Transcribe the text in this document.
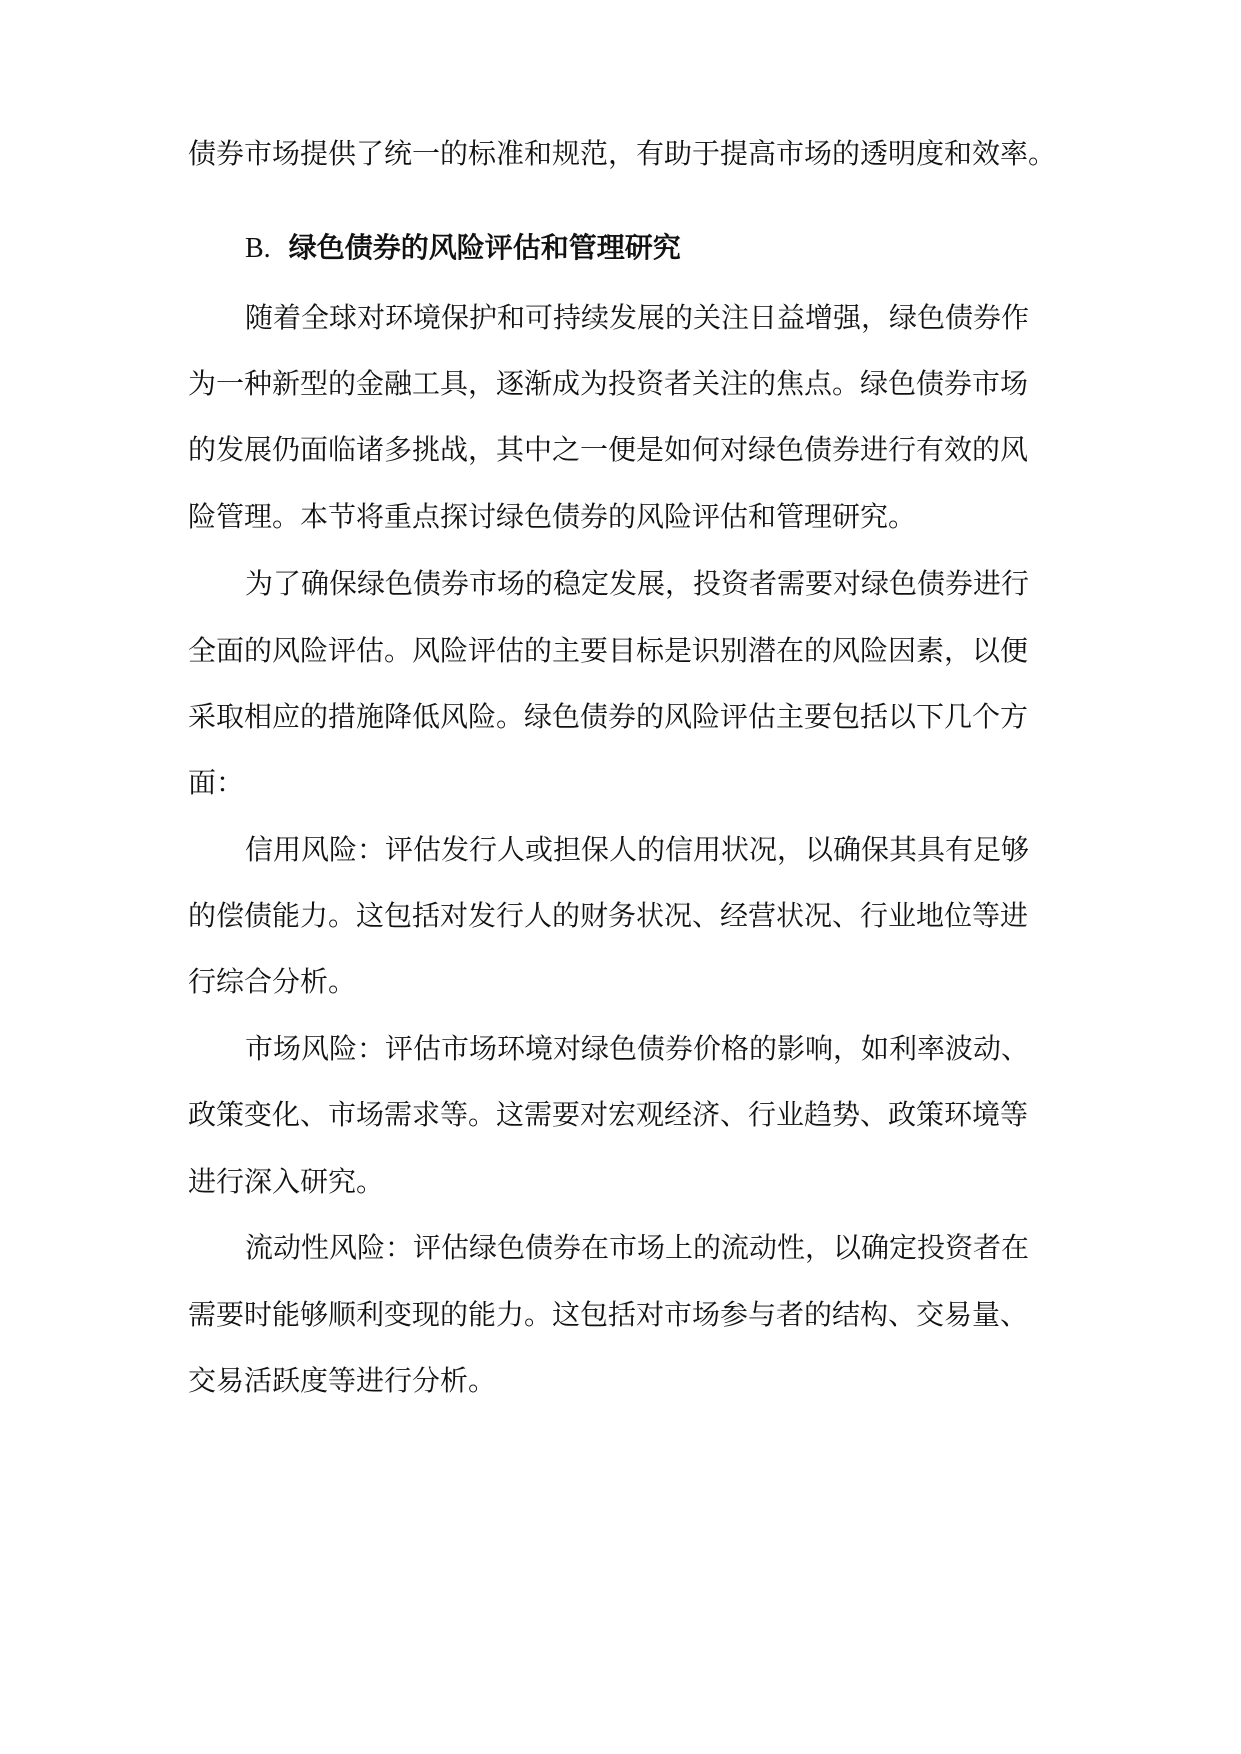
债券市场提供了统一的标准和规范，有助于提高市场的透明度和效率。
B. 绿色债券的风险评估和管理研究
随着全球对环境保护和可持续发展的关注日益增强，绿色债券作
为一种新型的金融工具，逐渐成为投资者关注的焦点。绿色债券市场
的发展仍面临诸多挑战，其中之一便是如何对绿色债券进行有效的风
险管理。本节将重点探讨绿色债券的风险评估和管理研究。
为了确保绿色债券市场的稳定发展，投资者需要对绿色债券进行
全面的风险评估。风险评估的主要目标是识别潜在的风险因素，以便
采取相应的措施降低风险。绿色债券的风险评估主要包括以下几个方
面：
信用风险：评估发行人或担保人的信用状况，以确保其具有足够
的偿债能力。这包括对发行人的财务状况、经营状况、行业地位等进
行综合分析。
市场风险：评估市场环境对绿色债券价格的影响，如利率波动、
政策变化、市场需求等。这需要对宏观经济、行业趋势、政策环境等
进行深入研究。
流动性风险：评估绿色债券在市场上的流动性，以确定投资者在
需要时能够顺利变现的能力。这包括对市场参与者的结构、交易量、
交易活跃度等进行分析。
